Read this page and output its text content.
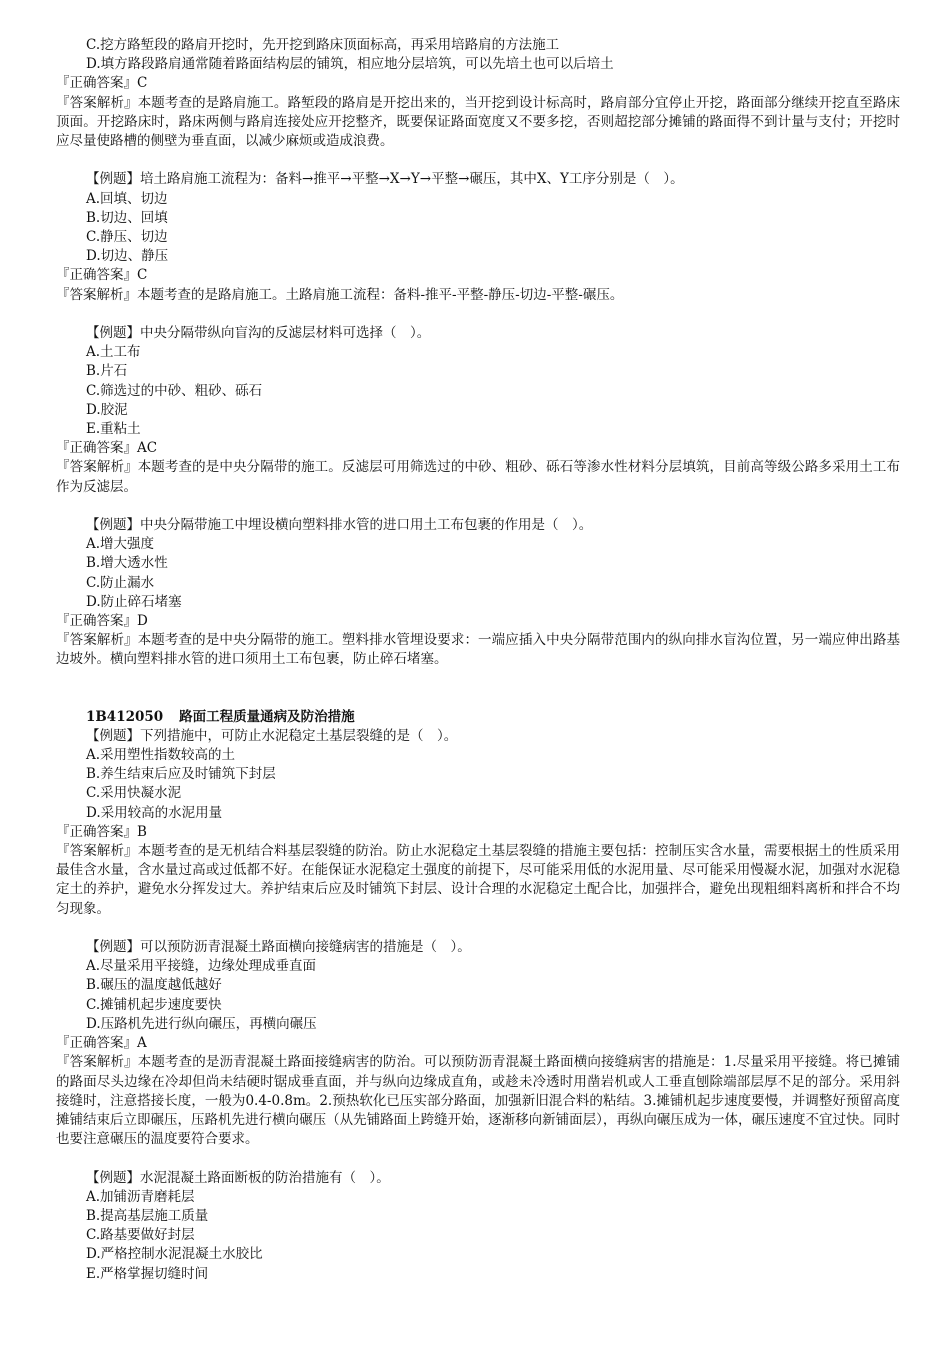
C.挖方路堑段的路肩开挖时，先开挖到路床顶面标高，再采用培路肩的方法施工
D.填方路段路肩通常随着路面结构层的铺筑，相应地分层培筑，可以先培土也可以后培土
『正确答案』C
『答案解析』本题考查的是路肩施工。路堑段的路肩是开挖出来的，当开挖到设计标高时，路肩部分宜停止开挖，路面部分继续开挖直至路床顶面。开挖路床时，路床两侧与路肩连接处应开挖整齐，既要保证路面宽度又不要多挖，否则超挖部分摊铺的路面得不到计量与支付；开挖时应尽量使路槽的侧壁为垂直面，以减少麻烦或造成浪费。
【例题】培土路肩施工流程为：备料→推平→平整→X→Y→平整→碾压，其中X、Y工序分别是（　）。
A.回填、切边
B.切边、回填
C.静压、切边
D.切边、静压
『正确答案』C
『答案解析』本题考查的是路肩施工。土路肩施工流程：备料-推平-平整-静压-切边-平整-碾压。
【例题】中央分隔带纵向盲沟的反滤层材料可选择（　）。
A.土工布
B.片石
C.筛选过的中砂、粗砂、砾石
D.胶泥
E.重粘土
『正确答案』AC
『答案解析』本题考查的是中央分隔带的施工。反滤层可用筛选过的中砂、粗砂、砾石等渗水性材料分层填筑，目前高等级公路多采用土工布作为反滤层。
【例题】中央分隔带施工中埋设横向塑料排水管的进口用土工布包裹的作用是（　）。
A.增大强度
B.增大透水性
C.防止漏水
D.防止碎石堵塞
『正确答案』D
『答案解析』本题考查的是中央分隔带的施工。塑料排水管埋设要求：一端应插入中央分隔带范围内的纵向排水盲沟位置，另一端应伸出路基边坡外。横向塑料排水管的进口须用土工布包裹，防止碎石堵塞。
1B412050 路面工程质量通病及防治措施
【例题】下列措施中，可防止水泥稳定土基层裂缝的是（　）。
A.采用塑性指数较高的土
B.养生结束后应及时铺筑下封层
C.采用快凝水泥
D.采用较高的水泥用量
『正确答案』B
『答案解析』本题考查的是无机结合料基层裂缝的防治。防止水泥稳定土基层裂缝的措施主要包括：控制压实含水量，需要根据土的性质采用最佳含水量，含水量过高或过低都不好。在能保证水泥稳定土强度的前提下，尽可能采用低的水泥用量、尽可能采用慢凝水泥，加强对水泥稳定土的养护，避免水分挥发过大。养护结束后应及时铺筑下封层、设计合理的水泥稳定土配合比，加强拌合，避免出现粗细料离析和拌合不均匀现象。
【例题】可以预防沥青混凝土路面横向接缝病害的措施是（　）。
A.尽量采用平接缝，边缘处理成垂直面
B.碾压的温度越低越好
C.摊铺机起步速度要快
D.压路机先进行纵向碾压，再横向碾压
『正确答案』A
『答案解析』本题考查的是沥青混凝土路面接缝病害的防治。可以预防沥青混凝土路面横向接缝病害的措施是：1.尽量采用平接缝。将已摊铺的路面尽头边缘在冷却但尚未结硬时锯成垂直面，并与纵向边缘成直角，或趁未冷透时用凿岩机或人工垂直刨除端部层厚不足的部分。采用斜接缝时，注意搭接长度，一般为0.4-0.8m。2.预热软化已压实部分路面，加强新旧混合料的粘结。3.摊铺机起步速度要慢，并调整好预留高度摊铺结束后立即碾压，压路机先进行横向碾压（从先铺路面上跨缝开始，逐渐移向新铺面层），再纵向碾压成为一体，碾压速度不宜过快。同时也要注意碾压的温度要符合要求。
【例题】水泥混凝土路面断板的防治措施有（　）。
A.加铺沥青磨耗层
B.提高基层施工质量
C.路基要做好封层
D.严格控制水泥混凝土水胶比
E.严格掌握切缝时间
